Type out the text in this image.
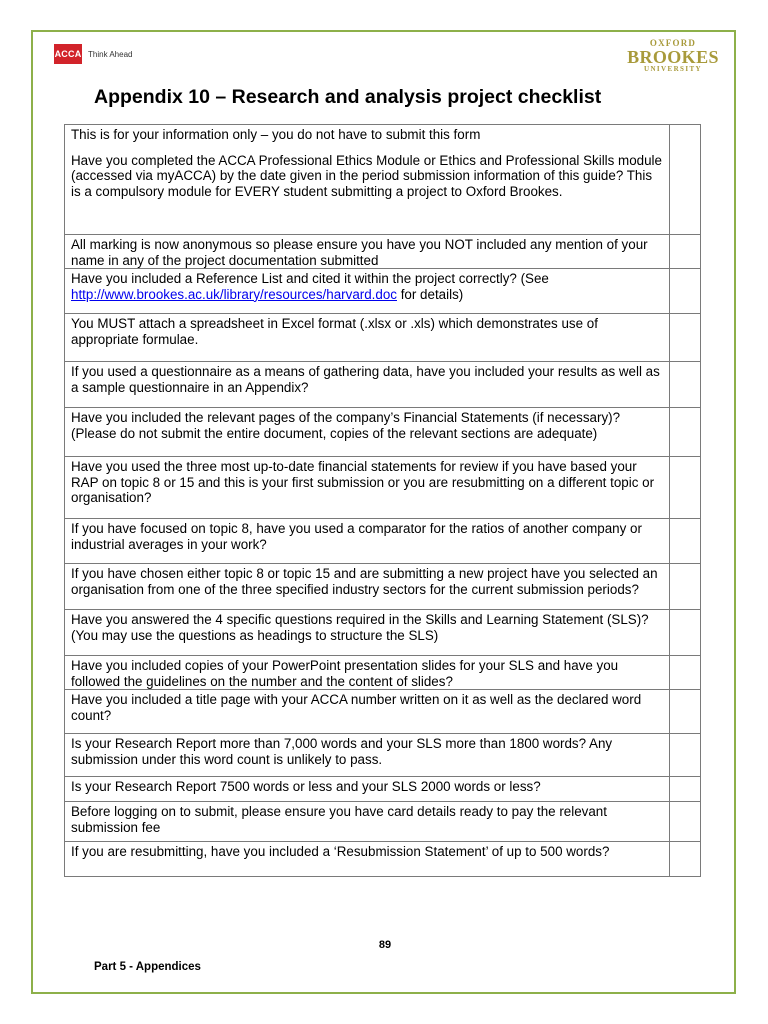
ACCA Think Ahead
OXFORD
BROOKES
UNIVERSITY
Appendix 10 – Research and analysis project checklist

This is for your information only – you do not have to submit this form

Have you completed the ACCA Professional Ethics Module or Ethics and Professional Skills module (accessed via myACCA) by the date given in the period submission information of this guide? This is a compulsory module for EVERY student submitting a project to Oxford Brookes.	

All marking is now anonymous so please ensure you have you NOT included any mention of your name in any of the project documentation submitted	

Have you included a Reference List and cited it within the project correctly? (See http://www.brookes.ac.uk/library/resources/harvard.doc for details)	

You MUST attach a spreadsheet in Excel format (.xlsx or .xls) which demonstrates use of appropriate formulae.	

If you used a questionnaire as a means of gathering data, have you included your results as well as a sample questionnaire in an Appendix?	

Have you included the relevant pages of the company’s Financial Statements (if necessary)? (Please do not submit the entire document, copies of the relevant sections are adequate)	

Have you used the three most up-to-date financial statements for review if you have based your RAP on topic 8 or 15 and this is your first submission or you are resubmitting on a different topic or organisation?	

If you have focused on topic 8, have you used a comparator for the ratios of another company or industrial averages in your work?	

If you have chosen either topic 8 or topic 15 and are submitting a new project have you selected an organisation from one of the three specified industry sectors for the current submission periods?	

Have you answered the 4 specific questions required in the Skills and Learning Statement (SLS)? (You may use the questions as headings to structure the SLS)	

Have you included copies of your PowerPoint presentation slides for your SLS and have you followed the guidelines on the number and the content of slides?	

Have you included a title page with your ACCA number written on it as well as the declared word count?	

Is your Research Report more than 7,000 words and your SLS more than 1800 words? Any submission under this word count is unlikely to pass.	

Is your Research Report 7500 words or less and your SLS 2000 words or less?	

Before logging on to submit, please ensure you have card details ready to pay the relevant submission fee	

If you are resubmitting, have you included a ‘Resubmission Statement’ of up to 500 words?	

89
Part 5 - Appendices
